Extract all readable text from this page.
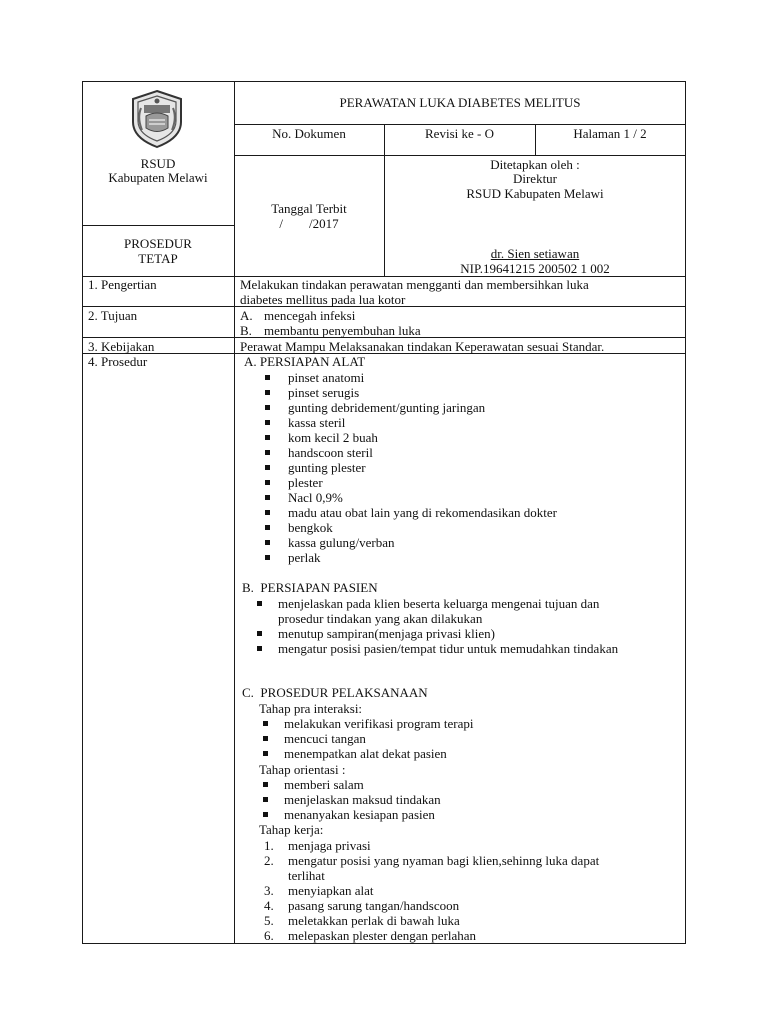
PERAWATAN LUKA DIABETES MELITUS
RSUD
Kabupaten Melawi
No. Dokumen	Revisi ke - O	Halaman 1 / 2
PROSEDUR
TETAP
Tanggal Terbit
/        /2017
Ditetapkan oleh :
Direktur
RSUD Kabupaten Melawi
dr. Sien setiawan
NIP.19641215 200502 1 002
1. Pengertian	Melakukan tindakan perawatan mengganti dan membersihkan luka
diabetes mellitus pada lua kotor
2. Tujuan	A. mencegah infeksi
B. membantu penyembuhan luka
3. Kebijakan	Perawat Mampu Melaksanakan tindakan Keperawatan sesuai Standar.
4. Prosedur	A. PERSIAPAN ALAT
pinset anatomi
pinset serugis
gunting debridement/gunting jaringan
kassa steril
kom kecil 2 buah
handscoon steril
gunting plester
plester
Nacl 0,9%
madu atau obat lain yang di rekomendasikan dokter
bengkok
kassa gulung/verban
perlak
B.  PERSIAPAN PASIEN
menjelaskan pada klien beserta keluarga mengenai tujuan dan
prosedur tindakan yang akan dilakukan
menutup sampiran(menjaga privasi klien)
mengatur posisi pasien/tempat tidur untuk memudahkan tindakan
C.  PROSEDUR PELAKSANAAN
Tahap pra interaksi:
melakukan verifikasi program terapi
mencuci tangan
menempatkan alat dekat pasien
Tahap orientasi :
memberi salam
menjelaskan maksud tindakan
menanyakan kesiapan pasien
Tahap kerja:
1. menjaga privasi
2. mengatur posisi yang nyaman bagi klien,sehinng luka dapat
terlihat
3. menyiapkan alat
4. pasang sarung tangan/handscoon
5. meletakkan perlak di bawah luka
6. melepaskan plester dengan perlahan
